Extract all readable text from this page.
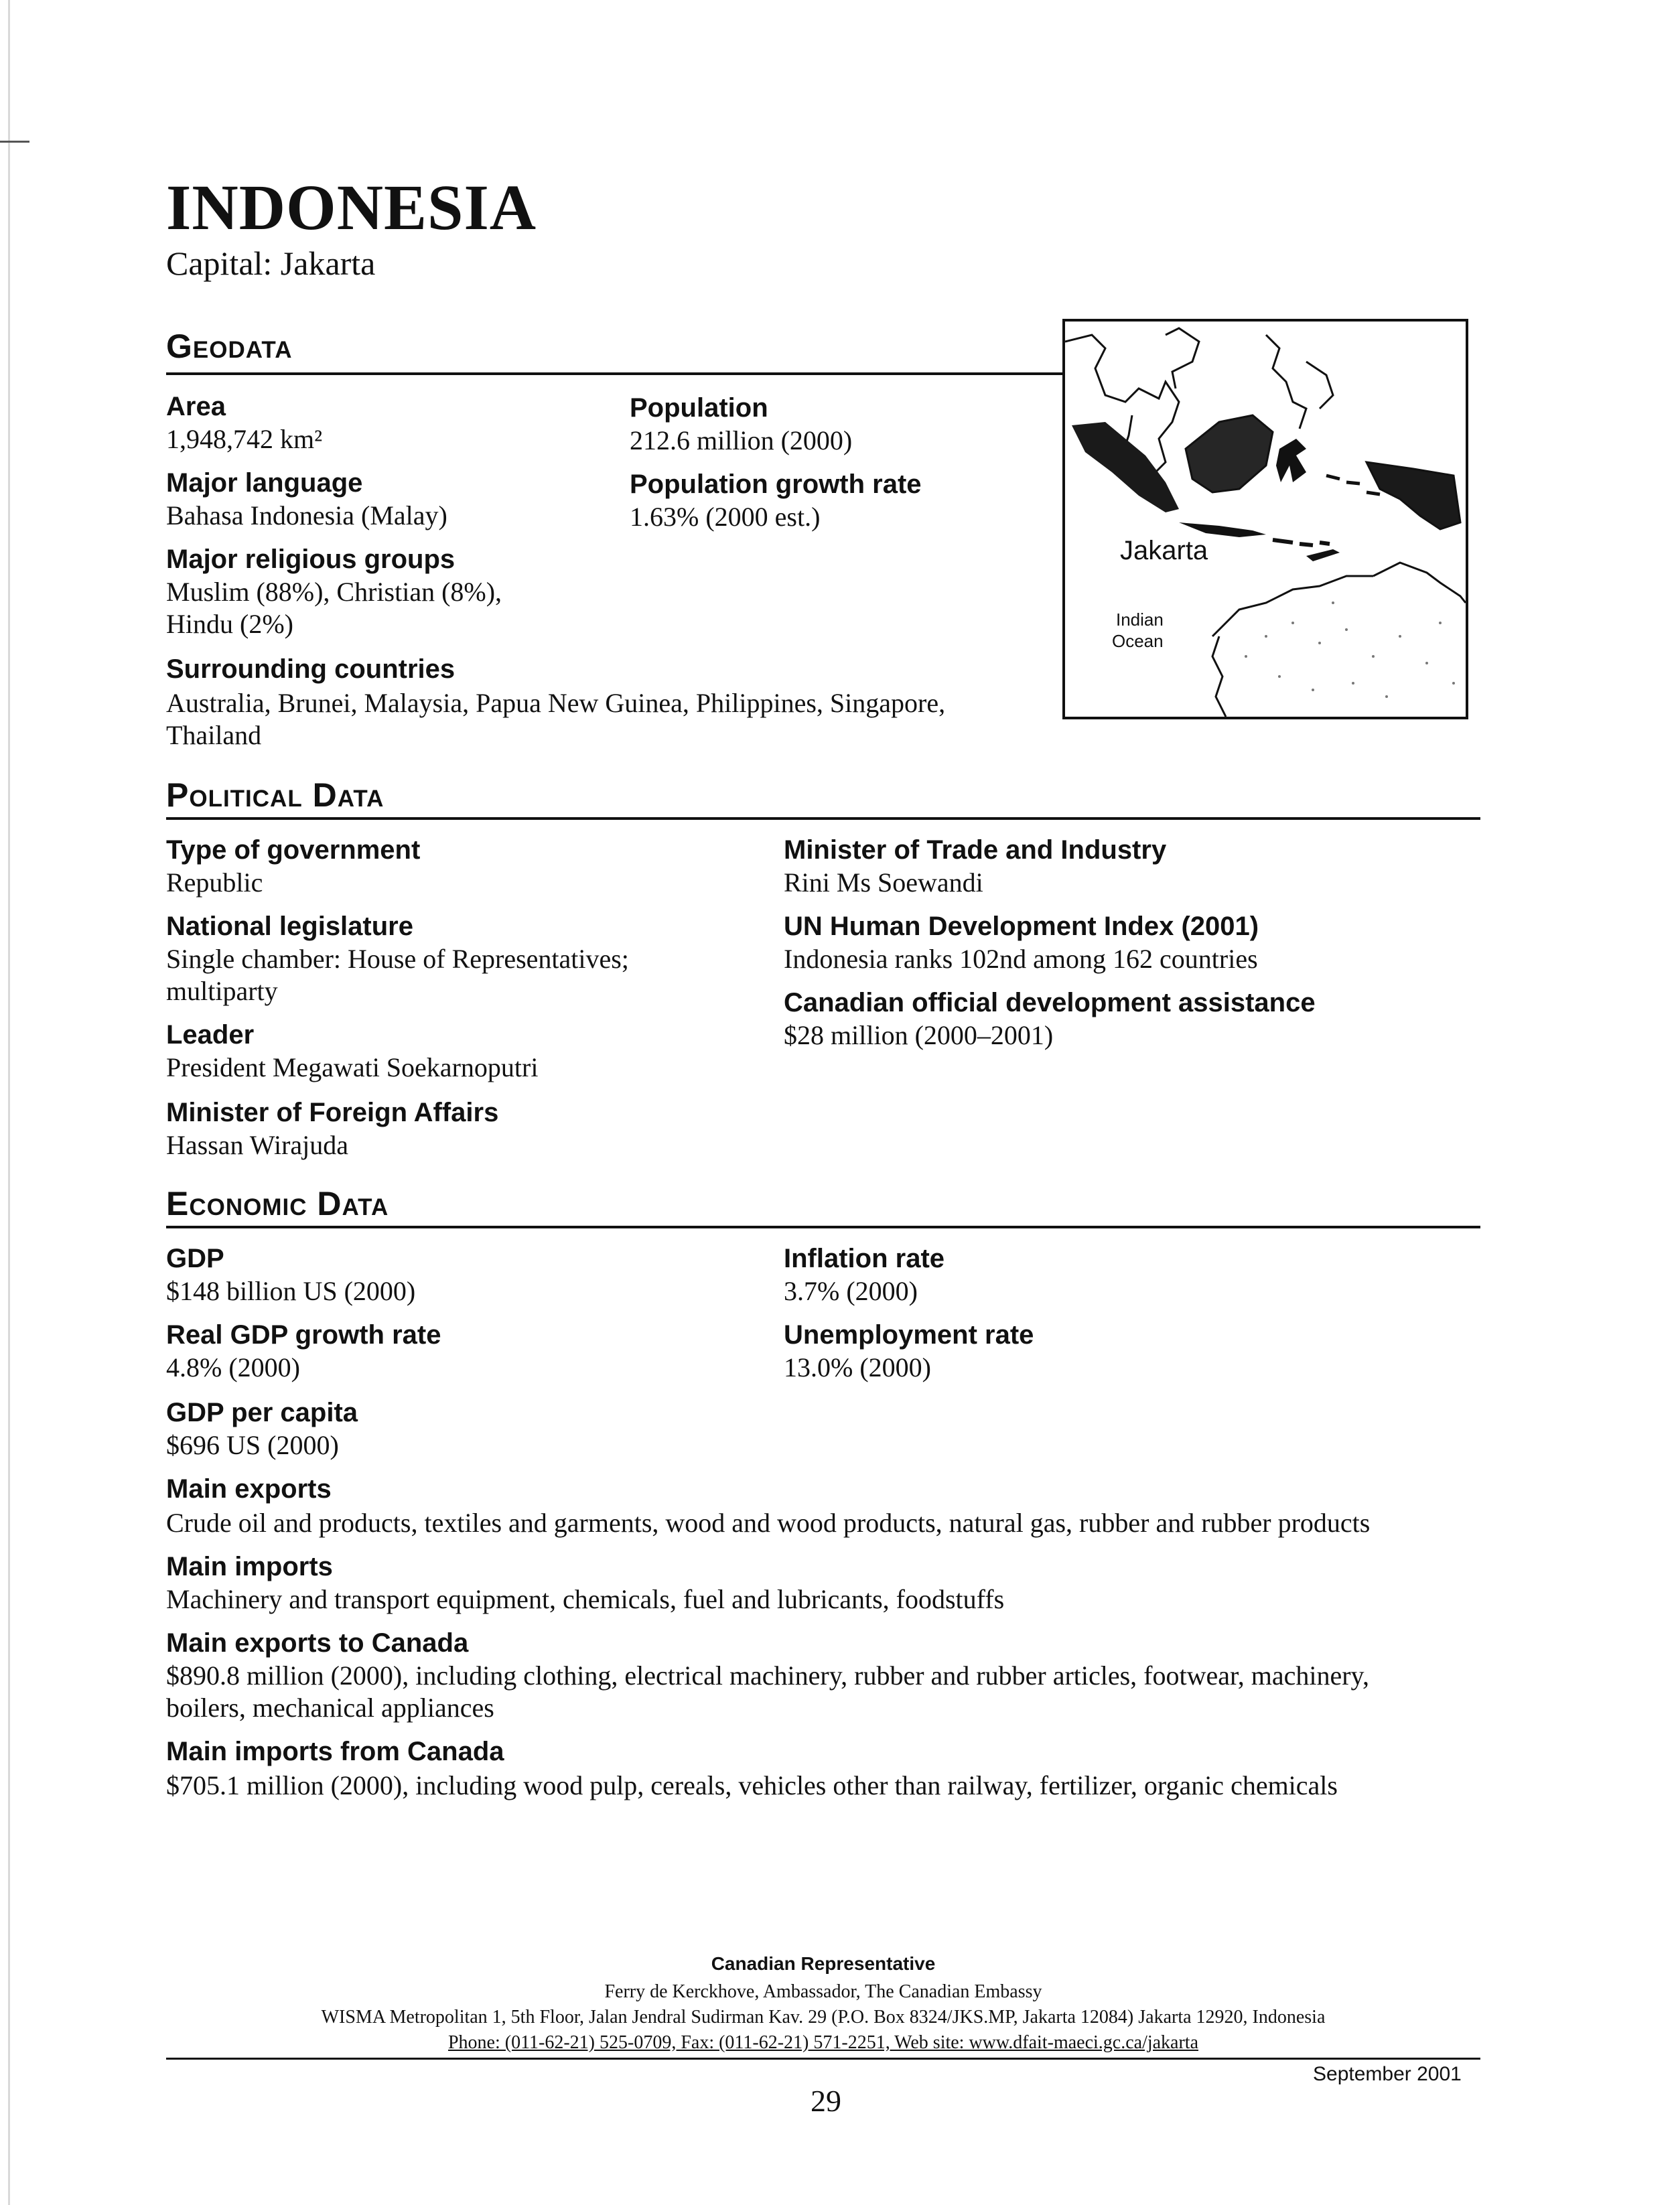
INDONESIA
Capital: Jakarta
Geodata
Area
1,948,742 km²
Population
212.6 million (2000)
Major language
Bahasa Indonesia (Malay)
Population growth rate
1.63% (2000 est.)
Major religious groups
Muslim (88%), Christian (8%),
Hindu (2%)
Surrounding countries
Australia, Brunei, Malaysia, Papua New Guinea, Philippines, Singapore,
Thailand
Jakarta
Indian
Ocean
Political Data
Type of government
Republic
National legislature
Single chamber: House of Representatives;
multiparty
Leader
President Megawati Soekarnoputri
Minister of Foreign Affairs
Hassan Wirajuda
Minister of Trade and Industry
Rini Ms Soewandi
UN Human Development Index (2001)
Indonesia ranks 102nd among 162 countries
Canadian official development assistance
$28 million (2000–2001)
Economic Data
GDP
$148 billion US (2000)
Real GDP growth rate
4.8% (2000)
GDP per capita
$696 US (2000)
Inflation rate
3.7% (2000)
Unemployment rate
13.0% (2000)
Main exports
Crude oil and products, textiles and garments, wood and wood products, natural gas, rubber and rubber products
Main imports
Machinery and transport equipment, chemicals, fuel and lubricants, foodstuffs
Main exports to Canada
$890.8 million (2000), including clothing, electrical machinery, rubber and rubber articles, footwear, machinery,
boilers, mechanical appliances
Main imports from Canada
$705.1 million (2000), including wood pulp, cereals, vehicles other than railway, fertilizer, organic chemicals
Canadian Representative
Ferry de Kerckhove, Ambassador, The Canadian Embassy
WISMA Metropolitan 1, 5th Floor, Jalan Jendral Sudirman Kav. 29 (P.O. Box 8324/JKS.MP, Jakarta 12084) Jakarta 12920, Indonesia
Phone: (011-62-21) 525-0709, Fax: (011-62-21) 571-2251, Web site: www.dfait-maeci.gc.ca/jakarta
September 2001
29
